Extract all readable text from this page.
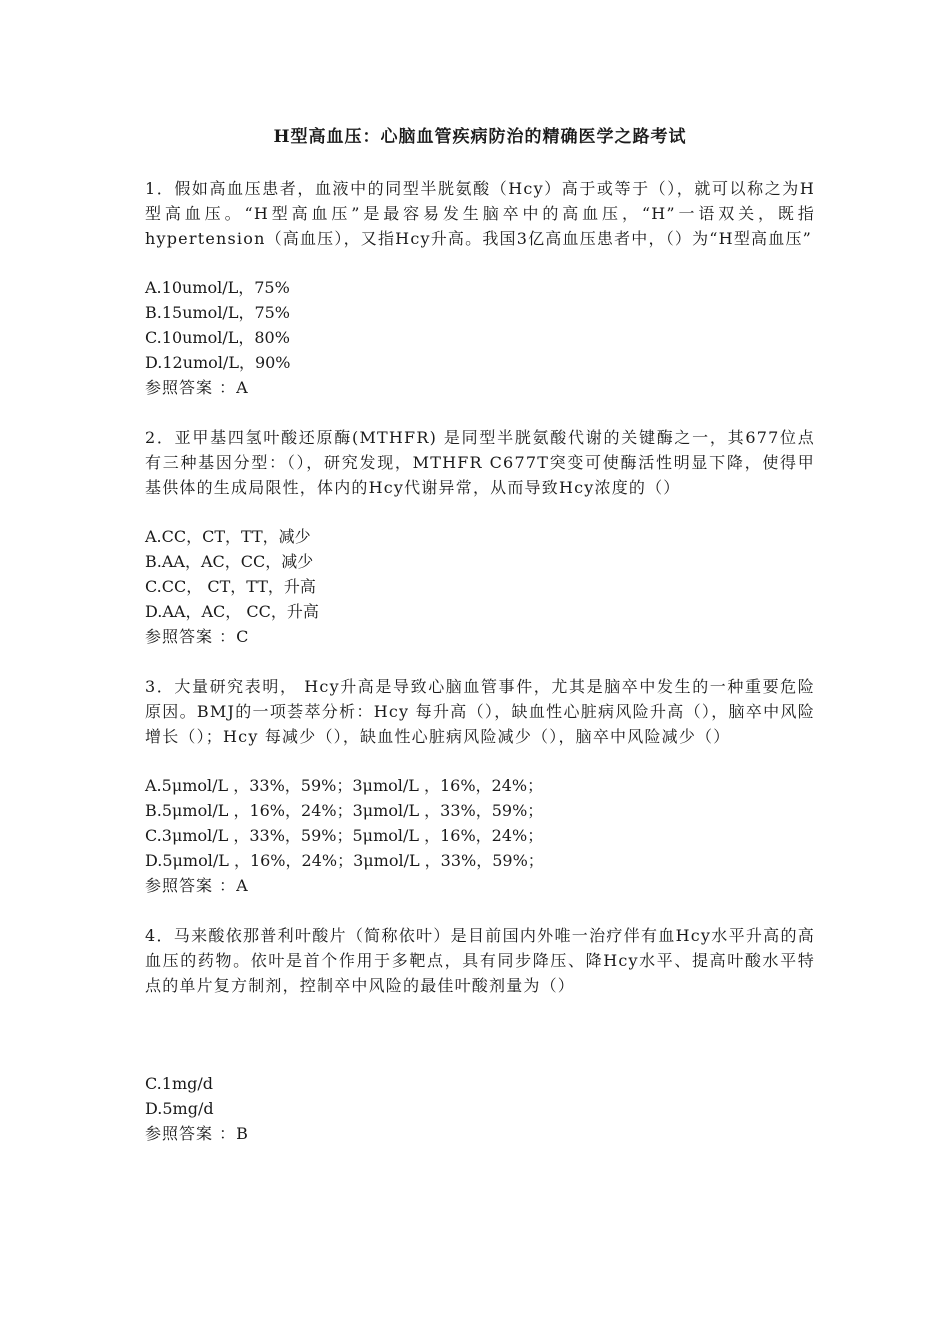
H型高血压：心脑血管疾病防治的精确医学之路考试

1．假如高血压患者，血液中的同型半胱氨酸（Hcy）高于或等于（），就可以称之为H型高血压。“H型高血压”是最容易发生脑卒中的高血压，“H”一语双关，既指hypertension（高血压），又指Hcy升高。我国3亿高血压患者中，（）为“H型高血压”

A.10umol/L，75%

B.15umol/L，75%

C.10umol/L，80%

D.12umol/L，90%

参照答案 ：A

2．亚甲基四氢叶酸还原酶(MTHFR) 是同型半胱氨酸代谢的关键酶之一，其677位点有三种基因分型：（），研究发现，MTHFR C677T突变可使酶活性明显下降，使得甲基供体的生成局限性，体内的Hcy代谢异常，从而导致Hcy浓度的（）

A.CC，CT，TT，减少

B.AA，AC，CC，减少

C.CC， CT，TT，升高

D.AA，AC， CC，升高

参照答案 ：C

3．大量研究表明， Hcy升高是导致心脑血管事件，尤其是脑卒中发生的一种重要危险原因。BMJ的一项荟萃分析：Hcy 每升高（），缺血性心脏病风险升高（），脑卒中风险增长（）；Hcy 每减少（），缺血性心脏病风险减少（），脑卒中风险减少（）

A.5μmol/L ，33%，59%；3μmol/L ，16%，24%；

B.5μmol/L ，16%，24%；3μmol/L ，33%，59%；

C.3μmol/L ，33%，59%；5μmol/L ，16%，24%；

D.5μmol/L ，16%，24%；3μmol/L ，33%，59%；

参照答案 ：A

4．马来酸依那普利叶酸片（简称依叶）是目前国内外唯一治疗伴有血Hcy水平升高的高血压的药物。依叶是首个作用于多靶点，具有同步降压、降Hcy水平、提高叶酸水平特点的单片复方制剂，控制卒中风险的最佳叶酸剂量为（）

C.1mg/d

D.5mg/d

参照答案 ：B
